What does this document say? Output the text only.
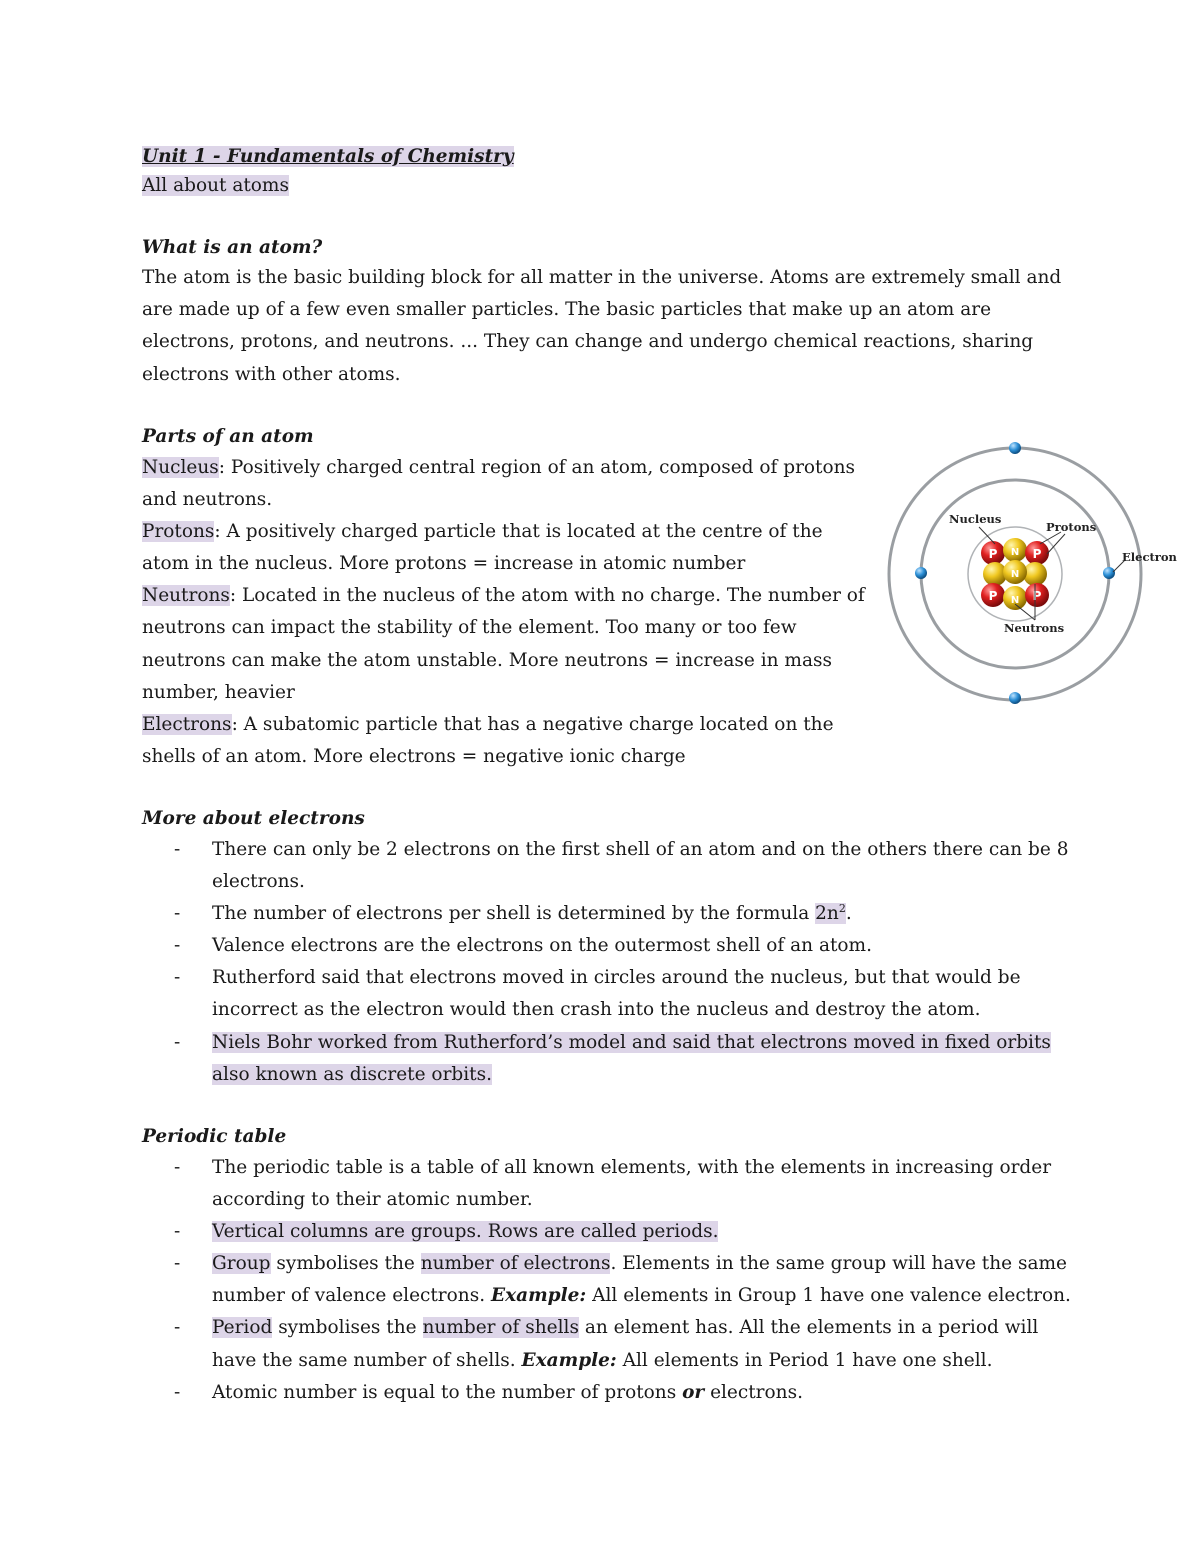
Unit 1 - Fundamentals of Chemistry
All about atoms
What is an atom?
The atom is the basic building block for all matter in the universe. Atoms are extremely small and are made up of a few even smaller particles. The basic particles that make up an atom are electrons, protons, and neutrons. ... They can change and undergo chemical reactions, sharing electrons with other atoms.
Parts of an atom
Nucleus: Positively charged central region of an atom, composed of protons and neutrons.
Protons: A positively charged particle that is located at the centre of the atom in the nucleus. More protons = increase in atomic number
Neutrons: Located in the nucleus of the atom with no charge. The number of neutrons can impact the stability of the element. Too many or too few neutrons can make the atom unstable. More neutrons = increase in mass number, heavier
Electrons: A subatomic particle that has a negative charge located on the shells of an atom. More electrons = negative ionic charge
P	P
P	P
N
N
N
Nucleus
Protons
Electron
Neutrons
More about electrons
- There can only be 2 electrons on the first shell of an atom and on the others there can be 8 electrons.
- The number of electrons per shell is determined by the formula $2n^2$.
- Valence electrons are the electrons on the outermost shell of an atom.
- Rutherford said that electrons moved in circles around the nucleus, but that would be incorrect as the electron would then crash into the nucleus and destroy the atom.
- Niels Bohr worked from Rutherford’s model and said that electrons moved in fixed orbits also known as discrete orbits.
Periodic table
- The periodic table is a table of all known elements, with the elements in increasing order according to their atomic number.
- Vertical columns are groups. Rows are called periods.
- Group symbolises the number of electrons. Elements in the same group will have the same number of valence electrons. Example: All elements in Group 1 have one valence electron.
- Period symbolises the number of shells an element has. All the elements in a period will have the same number of shells. Example: All elements in Period 1 have one shell.
- Atomic number is equal to the number of protons or electrons.
